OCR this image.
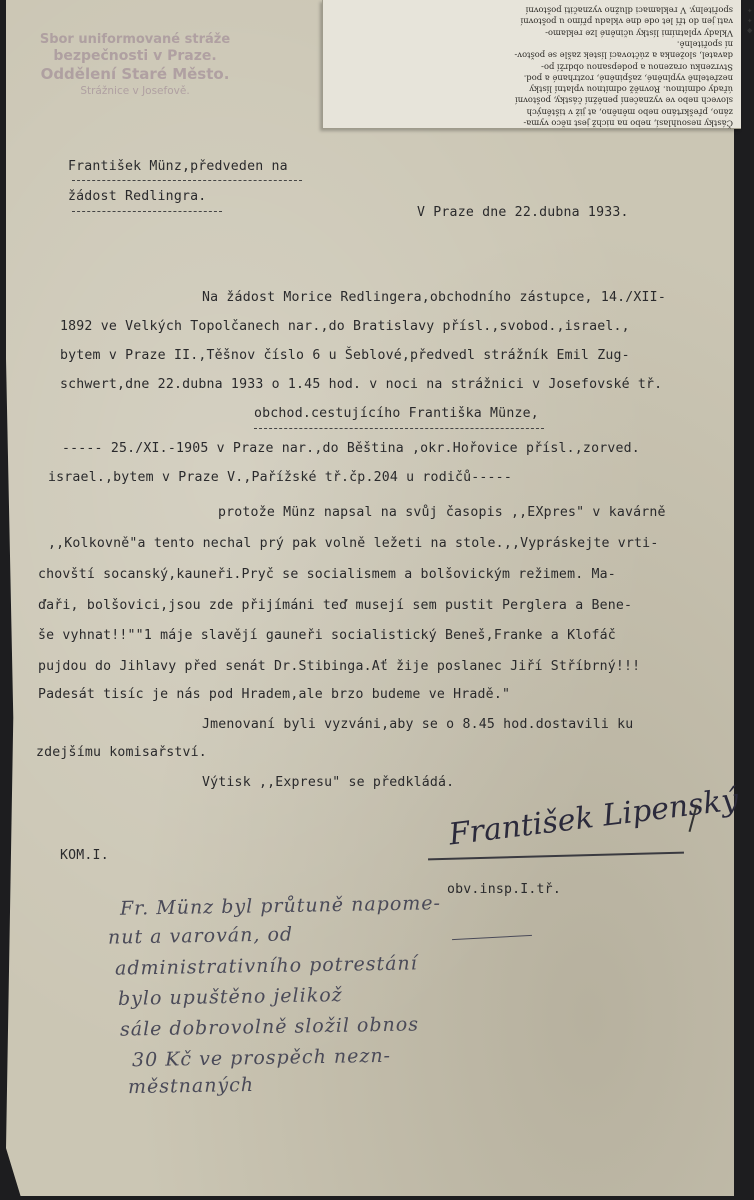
Částky nesouhlasí, nebo na nichž jest něco vyma-
záno, přeškrtáno nebo měněno, at již v tištěných
slovech nebo ve vyznačení peněžní částky, poštovní
úřady odmítnou. Rovněž odmítnou vplatní lístky
nezřetelně vyplněné, zašpiněné, roztrhané a pod.
Stvrzenku orazenou a podepsanou obdrží po-
davatel, složenka a zúčtovací lístek zašle se poštov-
ní spořitelně.
Vklady vplatními lístky učiněné lze reklamo-
vati jen do tří let ode dne vkladu přímo u poštovní
spořitelny. V reklamaci dlužno vyznačiti poštovní ✦ ✦ ◆
Sbor uniformované stráže
bezpečnosti v Praze.
Oddělení Staré Město.
Strážnice v Josefově.
František Münz,předveden na
žádost Redlingra.
V Praze dne 22.dubna 1933.
Na žádost Morice Redlingera,obchodního zástupce, 14./XII-
1892 ve Velkých Topolčanech nar.,do Bratislavy přísl.,svobod.,israel.,
bytem v Praze II.,Těšnov číslo 6 u Šeblové,předvedl strážník Emil Zug-
schwert,dne 22.dubna 1933 o 1.45 hod. v noci na strážnici v Josefovské tř.
obchod.cestujícího Františka Münze,
----- 25./XI.-1905 v Praze nar.,do Běština ,okr.Hořovice přísl.,zorved.
israel.,bytem v Praze V.,Pařížské tř.čp.204 u rodičů-----
protože Münz napsal na svůj časopis ,,EXpres" v kavárně
,,Kolkovně"a tento nechal prý pak volně ležeti na stole.,,Vypráskejte vrti-
chovští socanský,kauneři.Pryč se socialismem a bolšovickým režimem. Ma-
ďaři, bolšovici,jsou zde přijímáni teď musejí sem pustit Perglera a Bene-
še vyhnat!!""1 máje slavějí gauneři socialistický Beneš,Franke a Klofáč
pujdou do Jihlavy před senát Dr.Stibinga.Ať žije poslanec Jiří Stříbrný!!!
Padesát tisíc je nás pod Hradem,ale brzo budeme ve Hradě."
Jmenovaní byli vyzváni,aby se o 8.45 hod.dostavili ku
zdejšímu komisařství.
Výtisk ,,Expresu" se předkládá.
František Lipenský
KOM.I.
obv.insp.I.tř.
Fr. Münz byl průtuně napome-
nut a varován, od
administrativního potrestání
bylo upuštěno jelikož
sále dobrovolně složil obnos
30 Kč ve prospěch nezn-
městnaných
